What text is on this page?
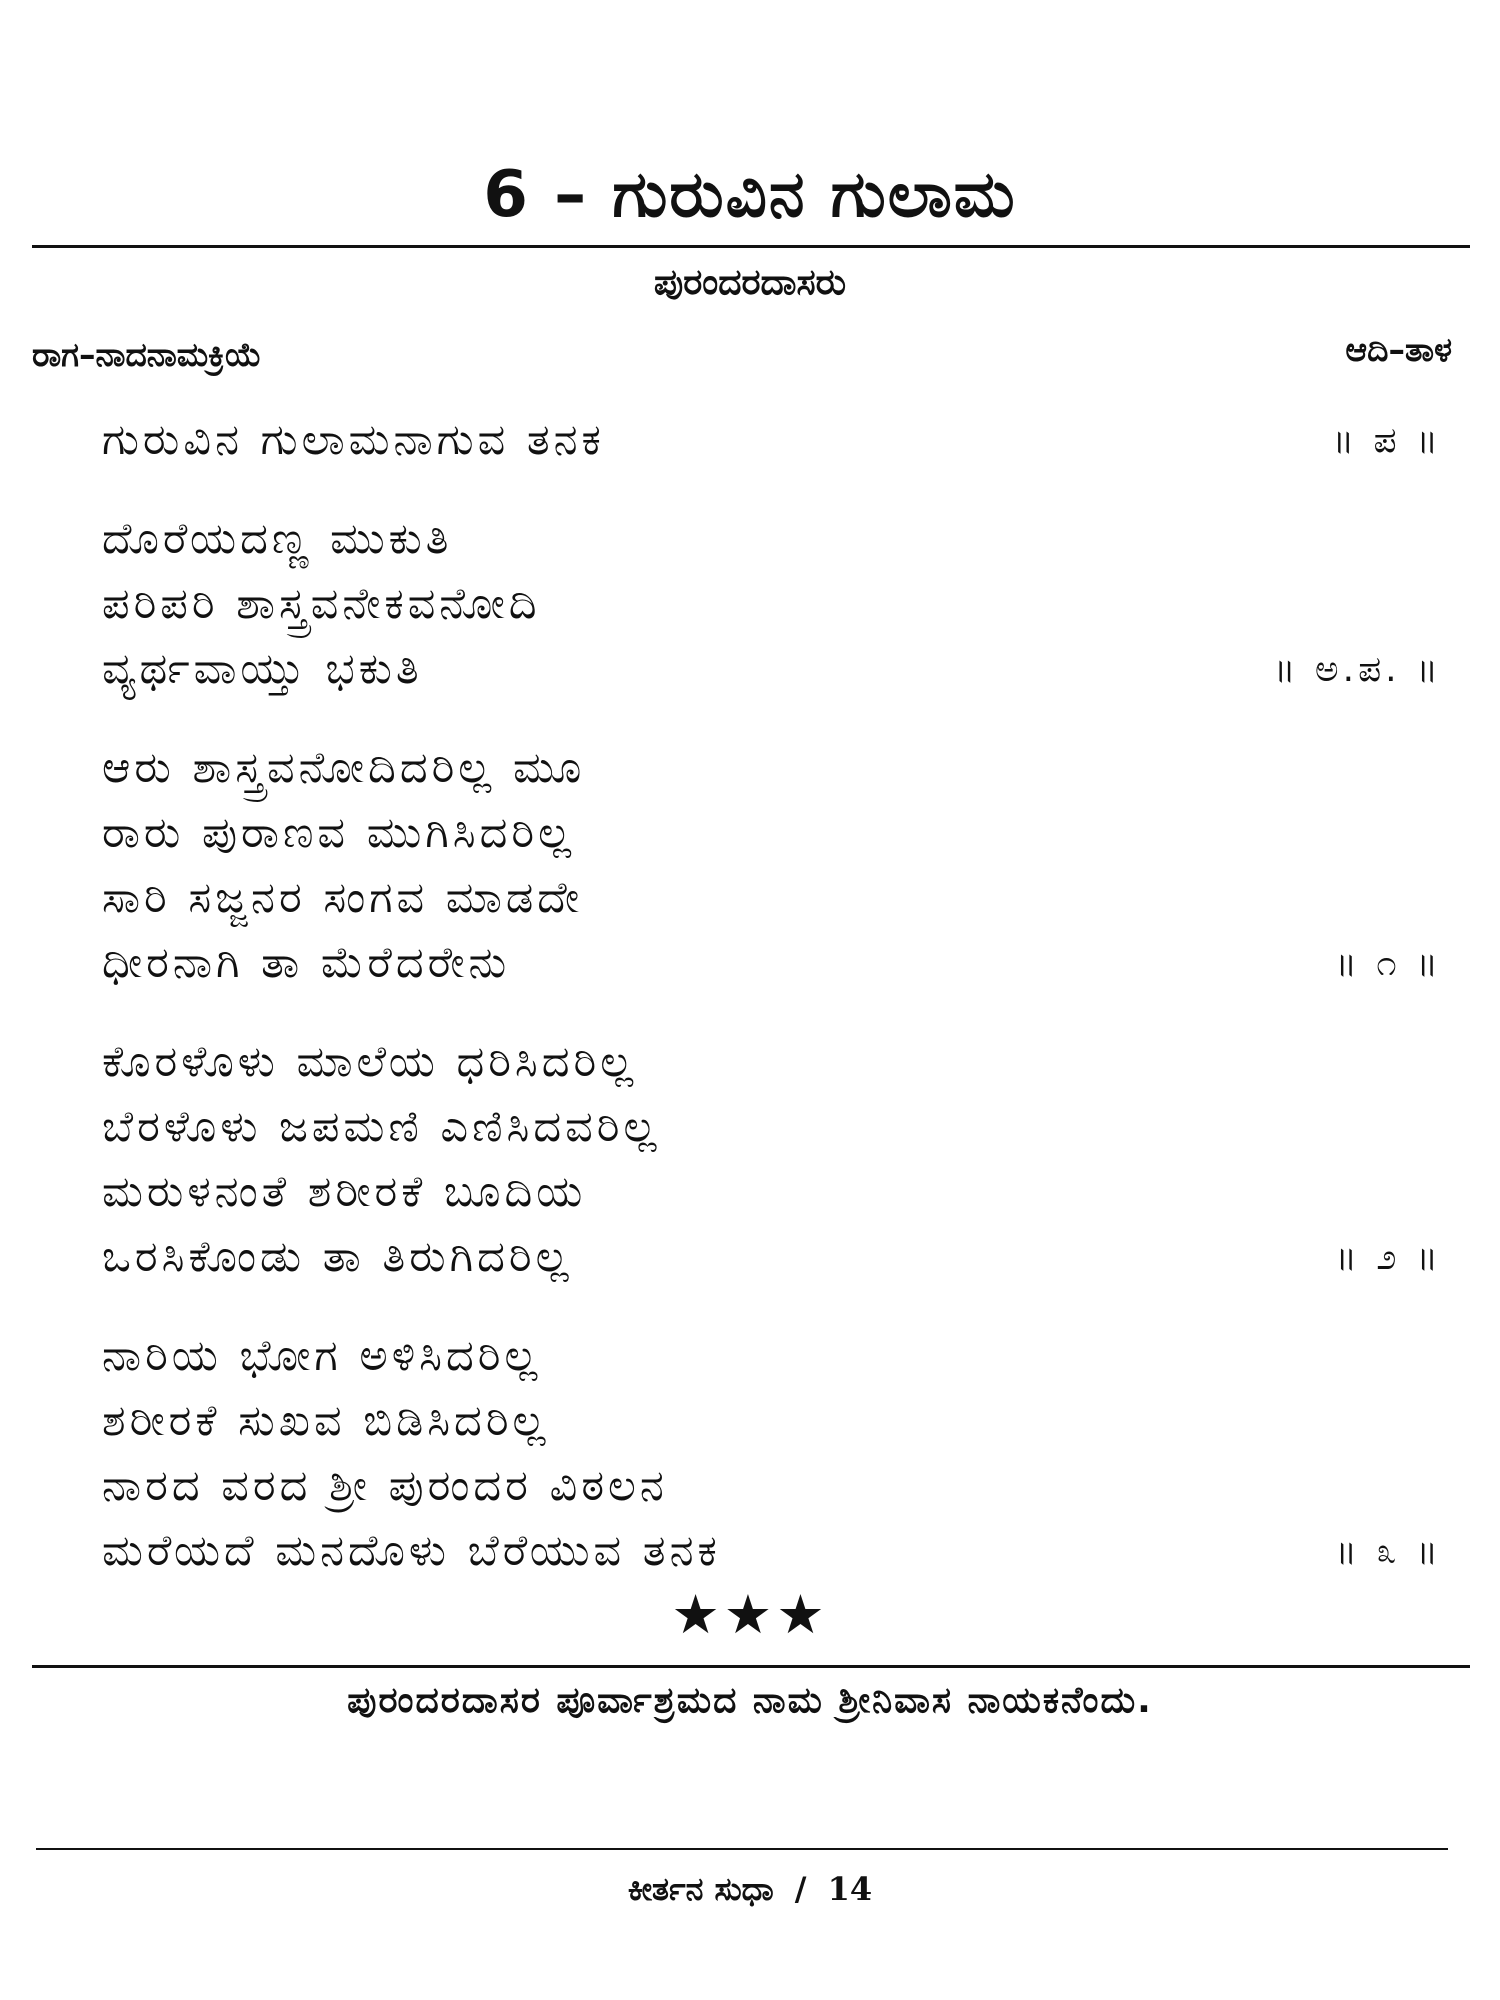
6 – ಗುರುವಿನ ಗುಲಾಮ
ಪುರಂದರದಾಸರು
ರಾಗ–ನಾದನಾಮಕ್ರಿಯೆ	ಆದಿ–ತಾಳ
ಗುರುವಿನ ಗುಲಾಮನಾಗುವ ತನಕ	॥ ಪ ॥
ದೊರೆಯದಣ್ಣ ಮುಕುತಿ
ಪರಿಪರಿ ಶಾಸ್ತ್ರವನೇಕವನೋದಿ
ವ್ಯರ್ಥವಾಯ್ತು ಭಕುತಿ	॥ ಅ.ಪ. ॥
ಆರು ಶಾಸ್ತ್ರವನೋದಿದರಿಲ್ಲ ಮೂ
ರಾರು ಪುರಾಣವ ಮುಗಿಸಿದರಿಲ್ಲ
ಸಾರಿ ಸಜ್ಜನರ ಸಂಗವ ಮಾಡದೇ
ಧೀರನಾಗಿ ತಾ ಮೆರೆದರೇನು	॥ ೧ ॥
ಕೊರಳೊಳು ಮಾಲೆಯ ಧರಿಸಿದರಿಲ್ಲ
ಬೆರಳೊಳು ಜಪಮಣಿ ಎಣಿಸಿದವರಿಲ್ಲ
ಮರುಳನಂತೆ ಶರೀರಕೆ ಬೂದಿಯ
ಒರಸಿಕೊಂಡು ತಾ ತಿರುಗಿದರಿಲ್ಲ	॥ ೨ ॥
ನಾರಿಯ ಭೋಗ ಅಳಿಸಿದರಿಲ್ಲ
ಶರೀರಕೆ ಸುಖವ ಬಿಡಿಸಿದರಿಲ್ಲ
ನಾರದ ವರದ ಶ್ರೀ ಪುರಂದರ ವಿಠಲನ
ಮರೆಯದೆ ಮನದೊಳು ಬೆರೆಯುವ ತನಕ	॥ ೩ ॥
★★★
ಪುರಂದರದಾಸರ ಪೂರ್ವಾಶ್ರಮದ ನಾಮ ಶ್ರೀನಿವಾಸ ನಾಯಕನೆಂದು.
ಕೀರ್ತನ ಸುಧಾ / 14
